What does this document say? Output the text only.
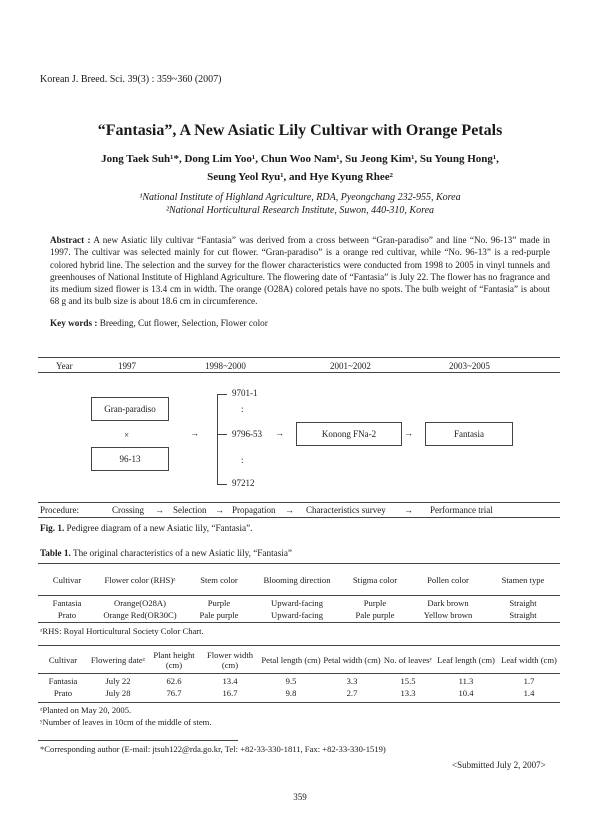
Korean J. Breed. Sci. 39(3) : 359~360 (2007)
“Fantasia”, A New Asiatic Lily Cultivar with Orange Petals
Jong Taek Suh¹*, Dong Lim Yoo¹, Chun Woo Nam¹, Su Jeong Kim¹, Su Young Hong¹,
Seung Yeol Ryu¹, and Hye Kyung Rhee²
¹National Institute of Highland Agriculture, RDA, Pyeongchang 232-955, Korea
²National Horticultural Research Institute, Suwon, 440-310, Korea
Abstract : A new Asiatic lily cultivar “Fantasia” was derived from a cross between “Gran-paradiso” and line “No. 96-13” made in 1997. The cultivar was selected mainly for cut flower. “Gran-paradiso” is a orange red cultivar, while “No. 96-13” is a red-purple colored hybrid line. The selection and the survey for the flower characteristics were conducted from 1998 to 2005 in vinyl tunnels and greenhouses of National Institute of Highland Agriculture. The flowering date of “Fantasia” is July 22. The flower has no fragrance and its medium sized flower is 13.4 cm in width. The orange (O28A) colored petals have no spots. The bulb weight of “Fantasia” is about 68 g and its bulb size is about 18.6 cm in circumference.
Key words : Breeding, Cut flower, Selection, Flower color
Year	1997	1998~2000	2001~2002	2003~2005
Gran-paradiso
×
96-13
→
9701-1
:
9796-53
:
97212
→	Konong FNa-2	→	Fantasia
Procedure:	Crossing → Selection → Propagation → Characteristics survey → Performance trial
Fig. 1. Pedigree diagram of a new Asiatic lily, “Fantasia”.
Table 1. The original characteristics of a new Asiatic lily, “Fantasia”
Cultivar	Flower color (RHS)ᶻ	Stem color	Blooming direction	Stigma color	Pollen color	Stamen type

Fantasia	Orange(O28A)	Purple	Upward-facing	Purple	Dark brown	Straight
Prato	Orange Red(OR30C)	Pale purple	Upward-facing	Pale purple	Yellow brown	Straight
ᶻRHS: Royal Horticultural Society Color Chart.
Cultivar	Flowering dateᶻ	Plant height (cm)	Flower width (cm)	Petal length (cm)	Petal width (cm)	No. of leavesʸ	Leaf length (cm)	Leaf width (cm)

Fantasia	July 22	62.6	13.4	9.5	3.3	15.5	11.3	1.7
Prato	July 28	76.7	16.7	9.8	2.7	13.3	10.4	1.4
ᶻPlanted on May 20, 2005.
ʸNumber of leaves in 10cm of the middle of stem.
*Corresponding author (E-mail: jtsuh122@rda.go.kr, Tel: +82-33-330-1811, Fax: +82-33-330-1519)
<Submitted July 2, 2007>
359
